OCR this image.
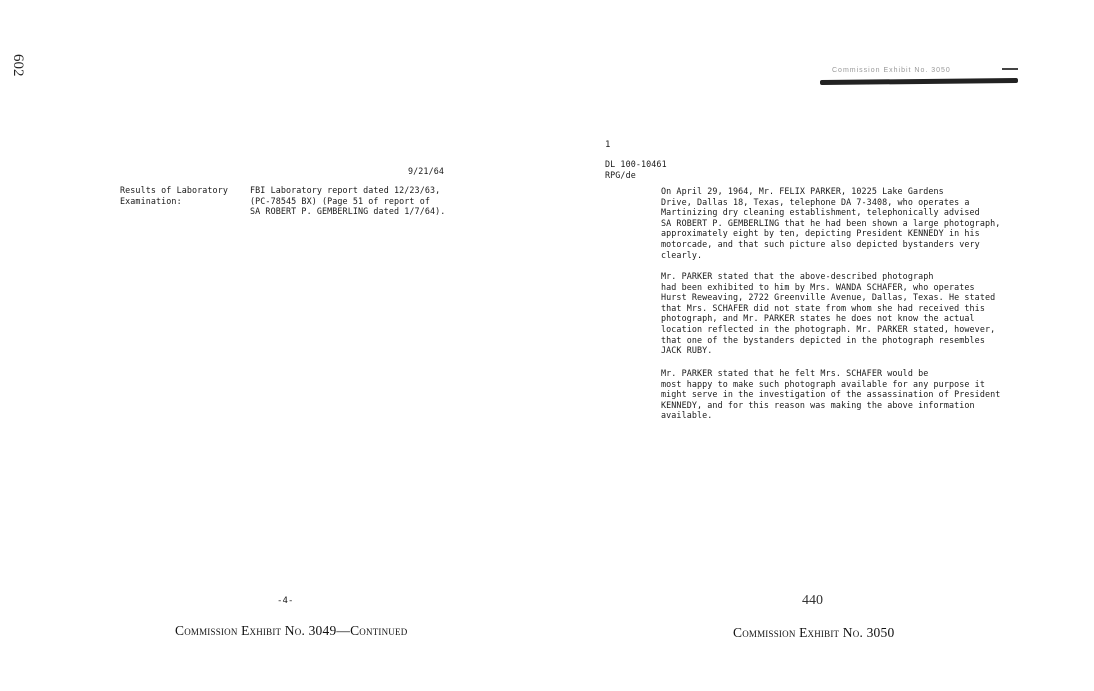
602
9/21/64
Results of Laboratory
Examination:
FBI Laboratory report dated 12/23/63,
(PC-78545 BX) (Page 51 of report of
SA ROBERT P. GEMBERLING dated 1/7/64).
-4-
Commission Exhibit No. 3049—Continued
Commission Exhibit No. 3050
1
DL 100-10461
RPG/de
On April 29, 1964, Mr. FELIX PARKER, 10225 Lake Gardens
Drive, Dallas 18, Texas, telephone DA 7-3408, who operates a
Martinizing dry cleaning establishment, telephonically advised
SA ROBERT P. GEMBERLING that he had been shown a large photograph,
approximately eight by ten, depicting President KENNEDY in his
motorcade, and that such picture also depicted bystanders very
clearly.
Mr. PARKER stated that the above-described photograph
had been exhibited to him by Mrs. WANDA SCHAFER, who operates
Hurst Reweaving, 2722 Greenville Avenue, Dallas, Texas. He stated
that Mrs. SCHAFER did not state from whom she had received this
photograph, and Mr. PARKER states he does not know the actual
location reflected in the photograph. Mr. PARKER stated, however,
that one of the bystanders depicted in the photograph resembles
JACK RUBY.
Mr. PARKER stated that he felt Mrs. SCHAFER would be
most happy to make such photograph available for any purpose it
might serve in the investigation of the assassination of President
KENNEDY, and for this reason was making the above information
available.
440
Commission Exhibit No. 3050
